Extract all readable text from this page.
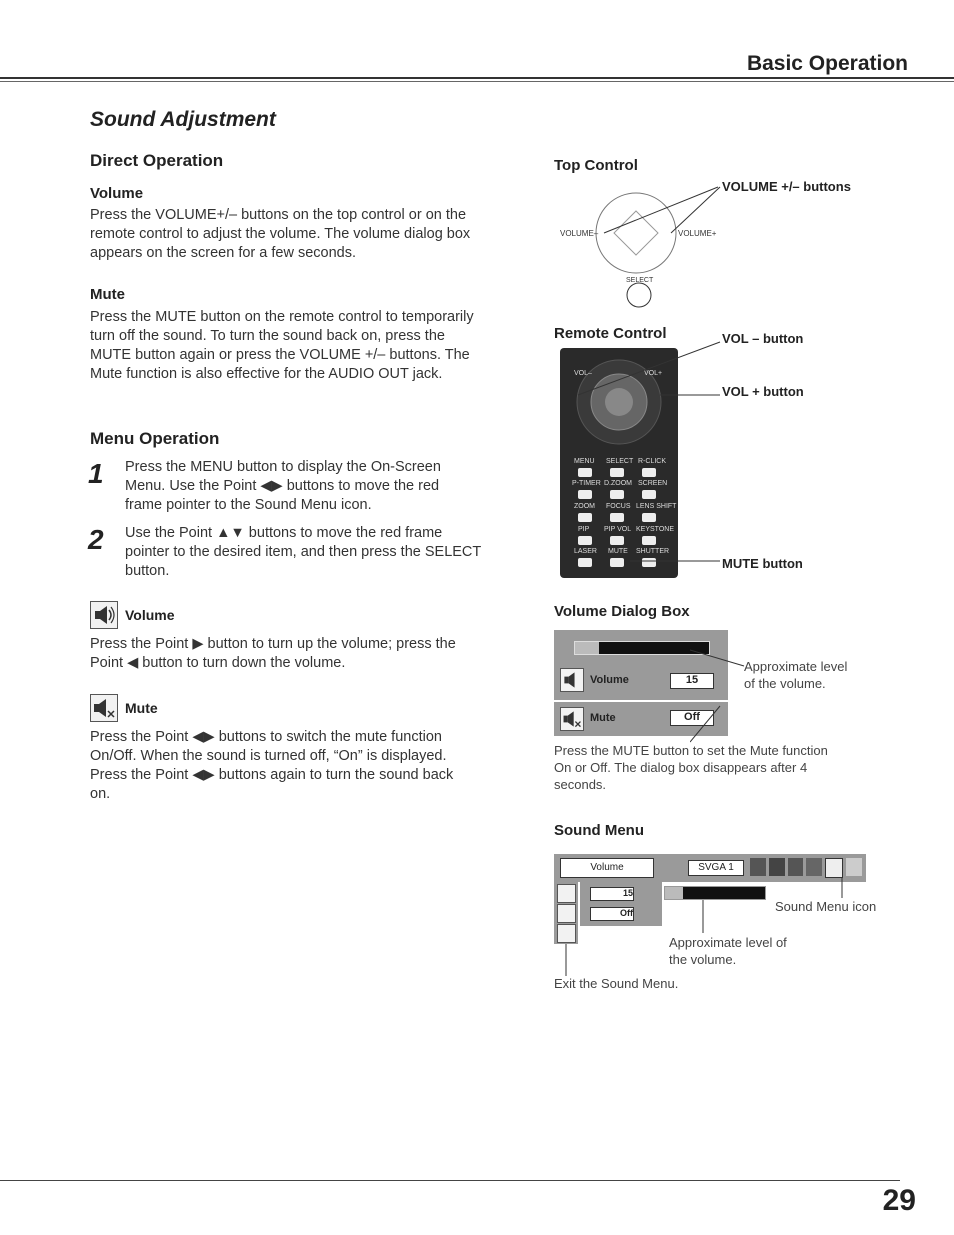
Basic Operation
Sound Adjustment
Direct Operation
Volume
Press the VOLUME+/– buttons on the top control or on the
remote control to adjust the volume. The volume dialog box
appears on the screen for a few seconds.
Mute
Press the MUTE button on the remote control to temporarily
turn off the sound. To turn the sound back on, press the
MUTE button again or press the VOLUME +/– buttons. The
Mute function is also effective for the AUDIO OUT jack.
Menu Operation
1 Press the MENU button to display the On-Screen
Menu. Use the Point ◀▶ buttons to move the red
frame pointer to the Sound Menu icon.
2 Use the Point ▲▼ buttons to move the red frame
pointer to the desired item, and then press the SELECT
button.
Volume
Press the Point ▶ button to turn up the volume; press the
Point ◀ button to turn down the volume.
Mute
Press the Point ◀▶ buttons to switch the mute function
On/Off. When the sound is turned off, “On” is displayed.
Press the Point ◀▶ buttons again to turn the sound back
on.
Top Control
VOLUME +/– buttons
VOLUME–	VOLUME+
SELECT
Remote Control	VOL – button
VOL + button
MUTE button
VOL–	VOL+
MENU SELECT R-CLICK
P-TIMER D.ZOOM SCREEN
ZOOM FOCUS LENS SHIFT
PIP PIP VOL KEYSTONE
LASER MUTE SHUTTER
Volume Dialog Box
Volume	15
Mute	Off
Approximate level
of the volume.
Press the MUTE button to set the Mute function
On or Off. The dialog box disappears after 4
seconds.
Sound Menu
Volume	SVGA 1
15
Off	Sound Menu icon
Approximate level of
the volume.
Exit the Sound Menu.
29
